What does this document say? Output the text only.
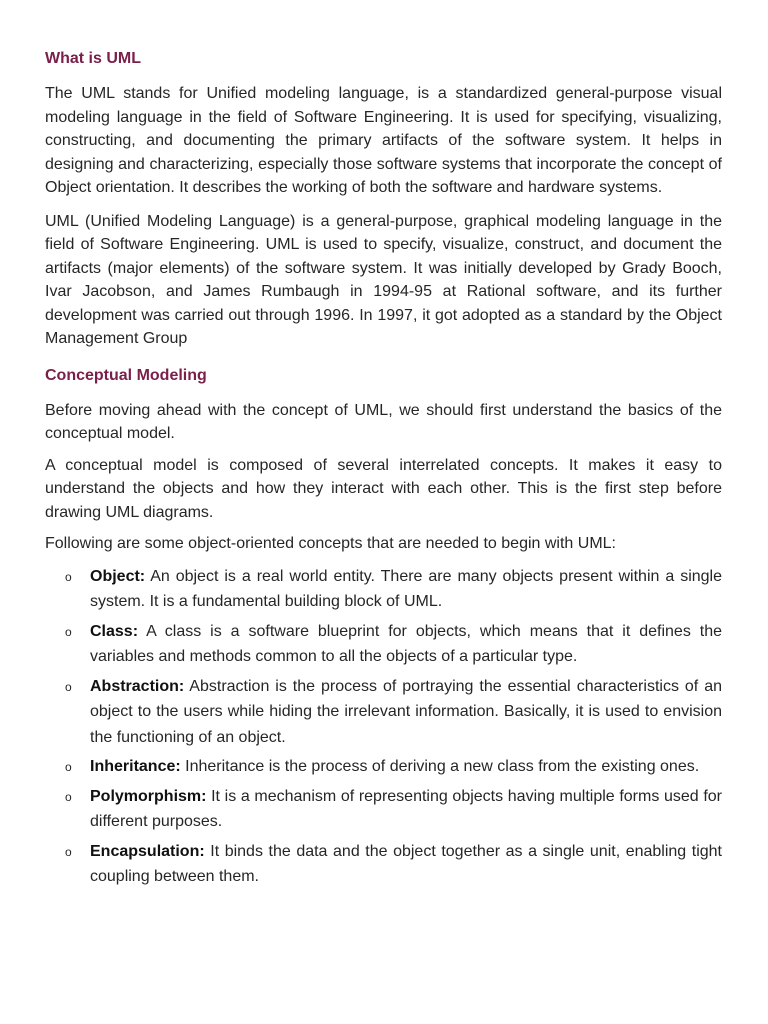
What is UML

The UML stands for Unified modeling language, is a standardized general-purpose visual modeling language in the field of Software Engineering. It is used for specifying, visualizing, constructing, and documenting the primary artifacts of the software system. It helps in designing and characterizing, especially those software systems that incorporate the concept of Object orientation. It describes the working of both the software and hardware systems.

UML (Unified Modeling Language) is a general-purpose, graphical modeling language in the field of Software Engineering. UML is used to specify, visualize, construct, and document the artifacts (major elements) of the software system. It was initially developed by Grady Booch, Ivar Jacobson, and James Rumbaugh in 1994-95 at Rational software, and its further development was carried out through 1996. In 1997, it got adopted as a standard by the Object Management Group

Conceptual Modeling

Before moving ahead with the concept of UML, we should first understand the basics of the conceptual model.

A conceptual model is composed of several interrelated concepts. It makes it easy to understand the objects and how they interact with each other. This is the first step before drawing UML diagrams.

Following are some object-oriented concepts that are needed to begin with UML:

o Object: An object is a real world entity. There are many objects present within a single system. It is a fundamental building block of UML.
o Class: A class is a software blueprint for objects, which means that it defines the variables and methods common to all the objects of a particular type.
o Abstraction: Abstraction is the process of portraying the essential characteristics of an object to the users while hiding the irrelevant information. Basically, it is used to envision the functioning of an object.
o Inheritance: Inheritance is the process of deriving a new class from the existing ones.
o Polymorphism: It is a mechanism of representing objects having multiple forms used for different purposes.
o Encapsulation: It binds the data and the object together as a single unit, enabling tight coupling between them.
